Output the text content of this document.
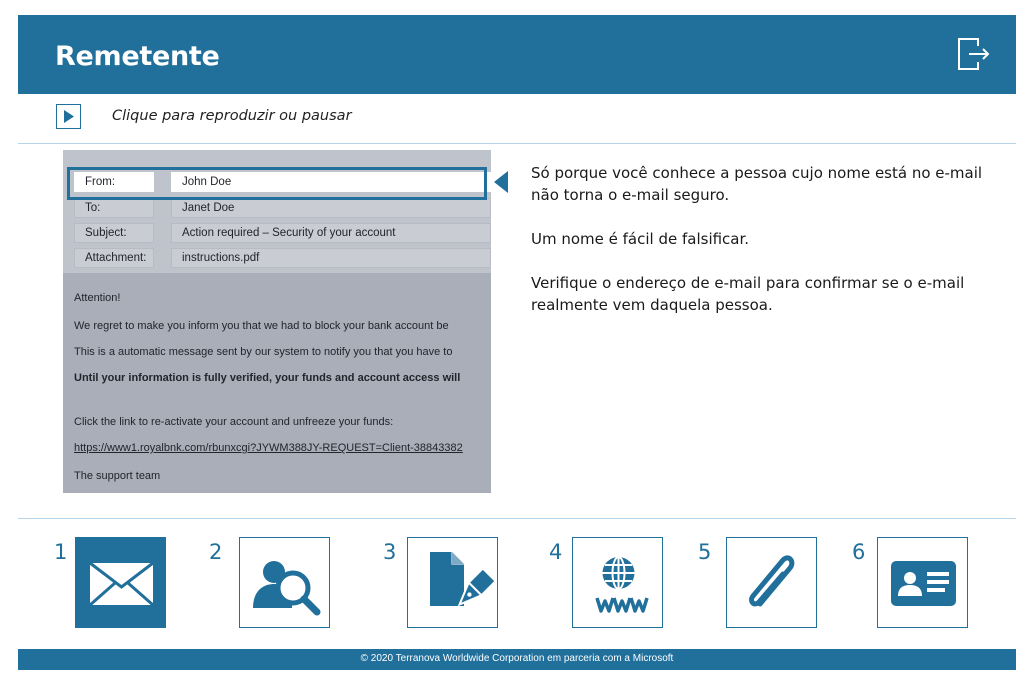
Remetente
Clique para reproduzir ou pausar
From:	John Doe
To:	Janet Doe
Subject:	Action required – Security of your account
Attachment:	instructions.pdf
Attention!
We regret to make you inform you that we had to block your bank account be
This is a automatic message sent by our system to notify you that you have to
Until your information is fully verified, your funds and account access will
Click the link to re-activate your account and unfreeze your funds:
https://www1.royalbnk.com/rbunxcgi?JYWM388JY-REQUEST=Client-38843382
The support team

Só porque você conhece a pessoa cujo nome está no e-mail não torna o e-mail seguro.

Um nome é fácil de falsificar.

Verifique o endereço de e-mail para confirmar se o e-mail realmente vem daquela pessoa.

1	2	3	4	5	6
© 2020 Terranova Worldwide Corporation em parceria com a Microsoft
